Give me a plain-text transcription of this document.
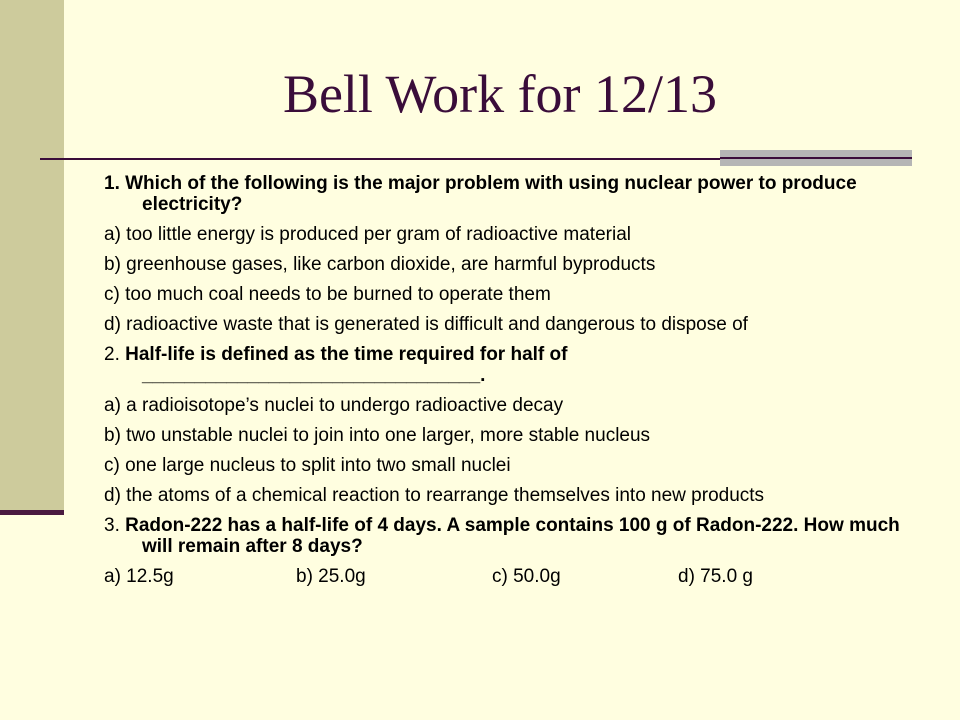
Bell Work for 12/13
1. Which of the following is the major problem with using nuclear power to produce electricity?
a) too little energy is produced per gram of radioactive material
b) greenhouse gases, like carbon dioxide, are harmful byproducts
c) too much coal needs to be burned to operate them
d) radioactive waste that is generated is difficult and dangerous to dispose of
2. Half-life is defined as the time required for half of
________________________________.
a) a radioisotope’s nuclei to undergo radioactive decay
b) two unstable nuclei to join into one larger, more stable nucleus
c) one large nucleus to split into two small nuclei
d) the atoms of a chemical reaction to rearrange themselves into new products
3. Radon-222 has a half-life of 4 days. A sample contains 100 g of Radon-222. How much will remain after 8 days?
a) 12.5g	b) 25.0g	c) 50.0g	d) 75.0 g
